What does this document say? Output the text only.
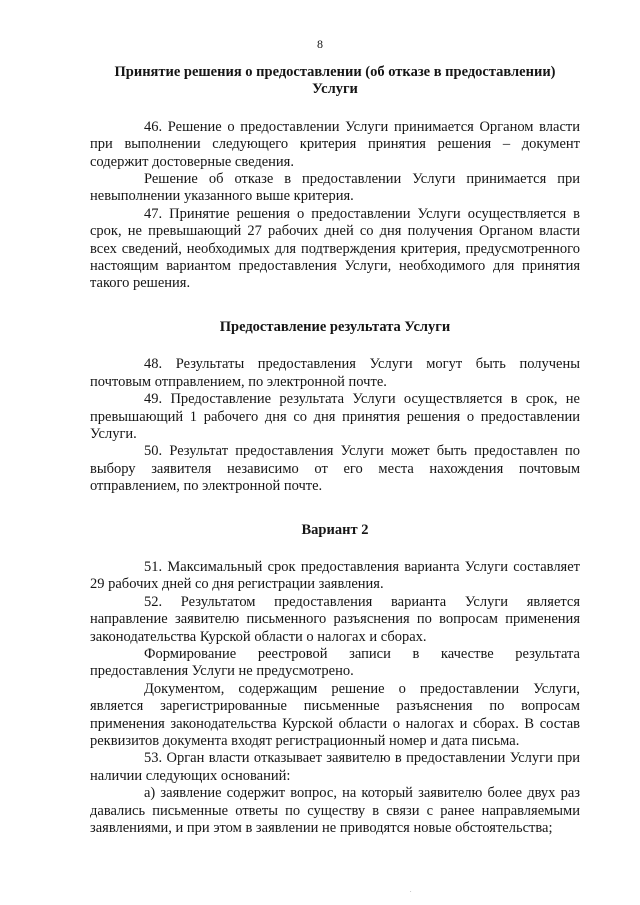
8

Принятие решения о предоставлении (об отказе в предоставлении) Услуги

46. Решение о предоставлении Услуги принимается Органом власти при выполнении следующего критерия принятия решения – документ содержит достоверные сведения.

Решение об отказе в предоставлении Услуги принимается при невыполнении указанного выше критерия.

47. Принятие решения о предоставлении Услуги осуществляется в срок, не превышающий 27 рабочих дней со дня получения Органом власти всех сведений, необходимых для подтверждения критерия, предусмотренного настоящим вариантом предоставления Услуги, необходимого для принятия такого решения.

Предоставление результата Услуги

48. Результаты предоставления Услуги могут быть получены почтовым отправлением, по электронной почте.

49. Предоставление результата Услуги осуществляется в срок, не превышающий 1 рабочего дня со дня принятия решения о предоставлении Услуги.

50. Результат предоставления Услуги может быть предоставлен по выбору заявителя независимо от его места нахождения почтовым отправлением, по электронной почте.

Вариант 2

51. Максимальный срок предоставления варианта Услуги составляет 29 рабочих дней со дня регистрации заявления.

52. Результатом предоставления варианта Услуги является направление заявителю письменного разъяснения по вопросам применения законодательства Курской области о налогах и сборах.

Формирование реестровой записи в качестве результата предоставления Услуги не предусмотрено.

Документом, содержащим решение о предоставлении Услуги, является зарегистрированные письменные разъяснения по вопросам применения законодательства Курской области о налогах и сборах. В состав реквизитов документа входят регистрационный номер и дата письма.

53. Орган власти отказывает заявителю в предоставлении Услуги при наличии следующих оснований:

а) заявление содержит вопрос, на который заявителю более двух раз давались письменные ответы по существу в связи с ранее направляемыми заявлениями, и при этом в заявлении не приводятся новые обстоятельства;

.
